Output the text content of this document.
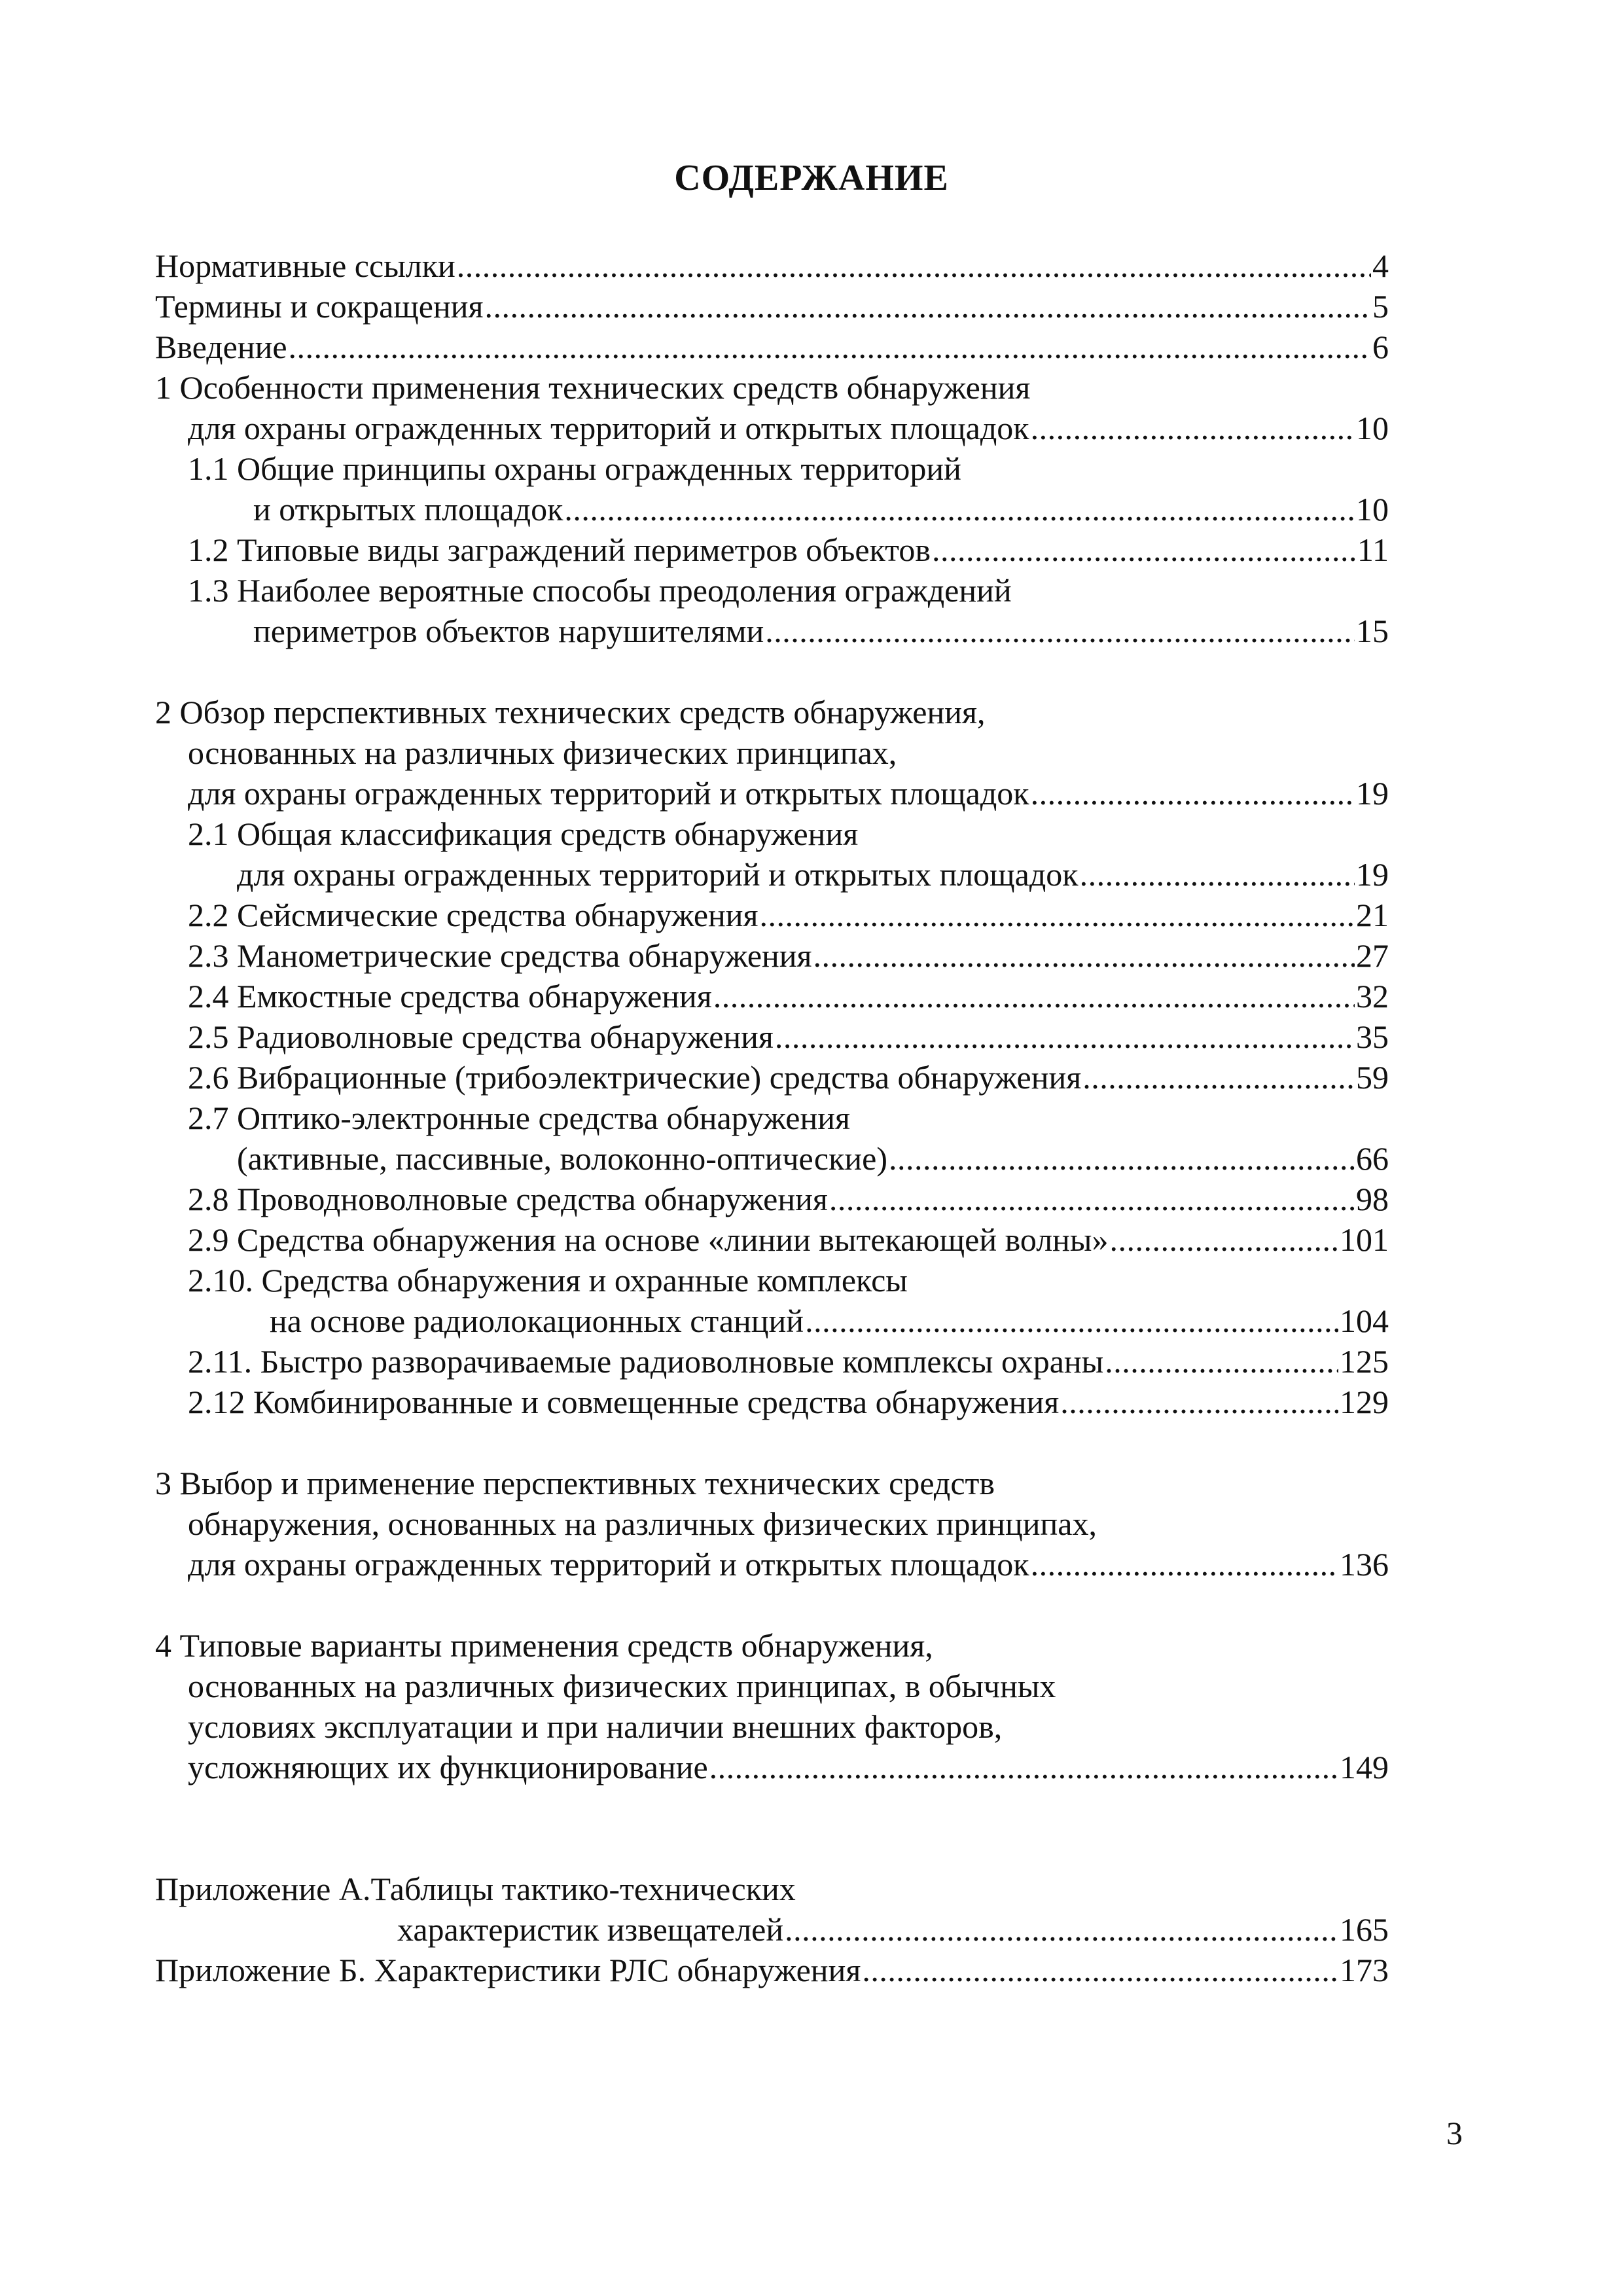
СОДЕРЖАНИЕ
Нормативные ссылки . . .	4
Термины и сокращения . . .	5
Введение . . .	6
1 Особенности применения технических средств обнаружения
для охраны огражденных территорий и открытых площадок . . .	10
1.1 Общие принципы охраны огражденных территорий
и открытых площадок . . .	10
1.2 Типовые виды заграждений периметров объектов . . .	11
1.3 Наиболее вероятные способы преодоления ограждений
периметров объектов нарушителями . . .	15
2 Обзор перспективных технических средств обнаружения,
основанных на различных физических принципах,
для охраны огражденных территорий и открытых площадок . . .	19
2.1 Общая классификация средств обнаружения
для охраны огражденных территорий и открытых площадок . . .	19
2.2 Сейсмические средства обнаружения . . .	21
2.3 Манометрические средства обнаружения . . .	27
2.4 Емкостные средства обнаружения . . .	32
2.5 Радиоволновые средства обнаружения . . .	35
2.6 Вибрационные (трибоэлектрические) средства обнаружения . . .	59
2.7 Оптико-электронные средства обнаружения
(активные, пассивные, волоконно-оптические) . . .	66
2.8 Проводноволновые средства обнаружения . . .	98
2.9 Средства обнаружения на основе «линии вытекающей волны» . . .	101
2.10. Средства обнаружения и охранные комплексы
на основе радиолокационных станций . . .	104
2.11. Быстро разворачиваемые радиоволновые комплексы охраны . . .	125
2.12 Комбинированные и совмещенные средства обнаружения . . .	129
3 Выбор и применение перспективных технических средств
обнаружения, основанных на различных физических принципах,
для охраны огражденных территорий и открытых площадок . . .	136
4 Типовые варианты применения средств обнаружения,
основанных на различных физических принципах, в обычных
условиях эксплуатации и при наличии внешних факторов,
усложняющих их функционирование . . .	149
Приложение А.Таблицы тактико-технических
характеристик извещателей . . .	165
Приложение Б. Характеристики РЛС обнаружения . . .	173
3
